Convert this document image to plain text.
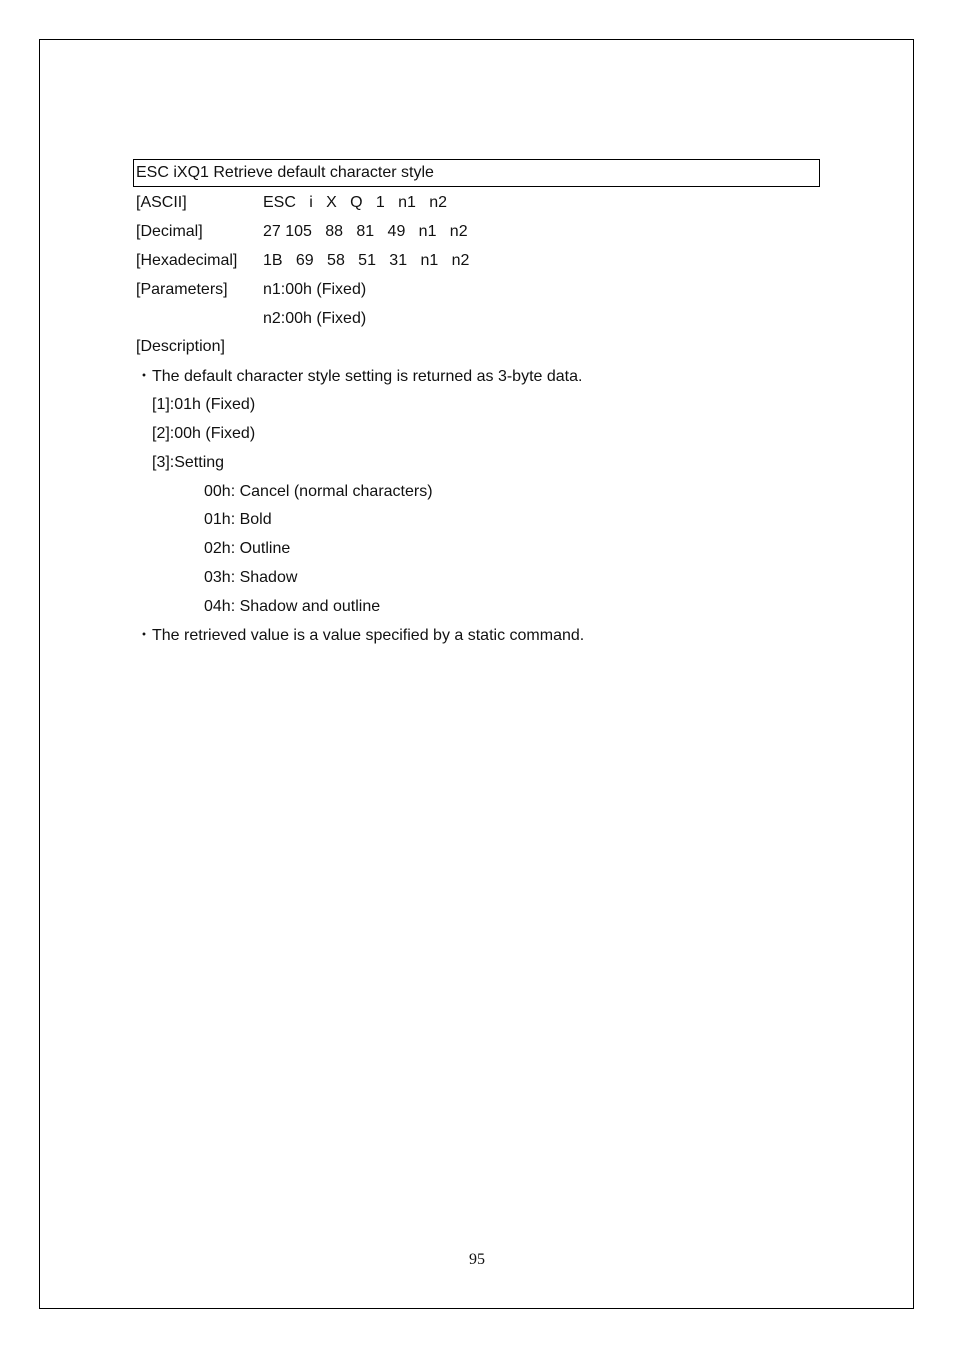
ESC iXQ1 Retrieve default character style
[ASCII]	ESC   i   X   Q   1   n1   n2
[Decimal]	27 105   88   81   49   n1   n2
[Hexadecimal] 1B   69   58   51   31   n1   n2
[Parameters] n1:00h (Fixed)
n2:00h (Fixed)
[Description]
・The default character style setting is returned as 3-byte data.
[1]:01h (Fixed)
[2]:00h (Fixed)
[3]:Setting
00h: Cancel (normal characters)
01h: Bold
02h: Outline
03h: Shadow
04h: Shadow and outline
・The retrieved value is a value specified by a static command.
95
